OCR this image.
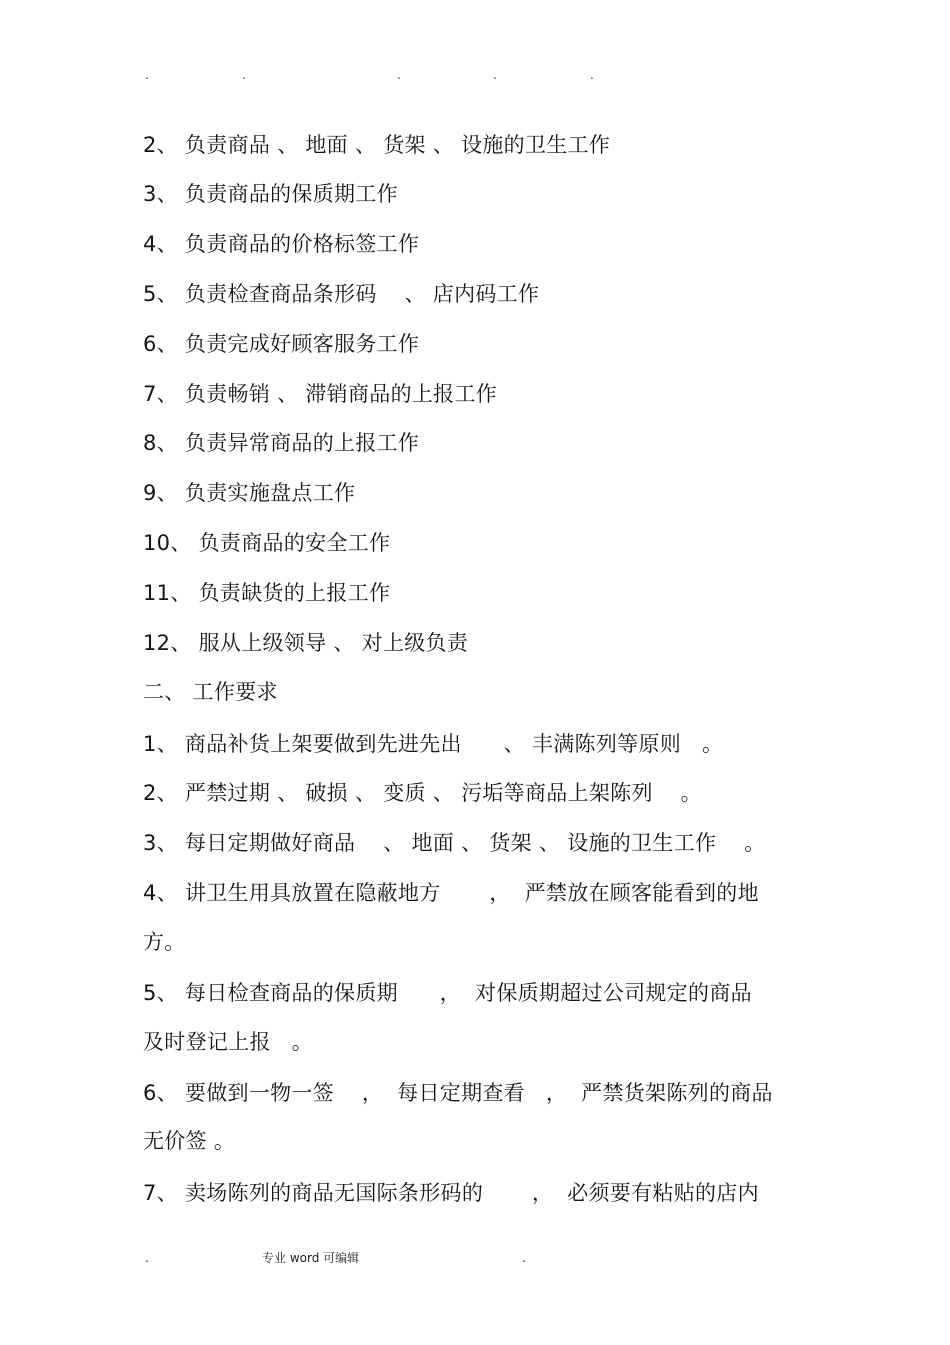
.	.	.	.	.
2、 负责商品 、 地面 、 货架 、 设施的卫生工作
3、 负责商品的保质期工作
4、 负责商品的价格标签工作
5、 负责检查商品条形码    、 店内码工作
6、 负责完成好顾客服务工作
7、 负责畅销 、 滞销商品的上报工作
8、 负责异常商品的上报工作
9、 负责实施盘点工作
10、 负责商品的安全工作
11、 负责缺货的上报工作
12、 服从上级领导 、 对上级负责
二、 工作要求
1、 商品补货上架要做到先进先出      、 丰满陈列等原则   。
2、 严禁过期 、 破损 、 变质 、 污垢等商品上架陈列    。
3、 每日定期做好商品    、 地面 、 货架 、 设施的卫生工作    。
4、 讲卫生用具放置在隐蔽地方       ，  严禁放在顾客能看到的地
方。
5、 每日检查商品的保质期      ，  对保质期超过公司规定的商品
及时登记上报   。
6、 要做到一物一签    ，  每日定期查看   ，  严禁货架陈列的商品
无价签 。
7、 卖场陈列的商品无国际条形码的       ，  必须要有粘贴的店内
.	专业 word 可编辑	.
